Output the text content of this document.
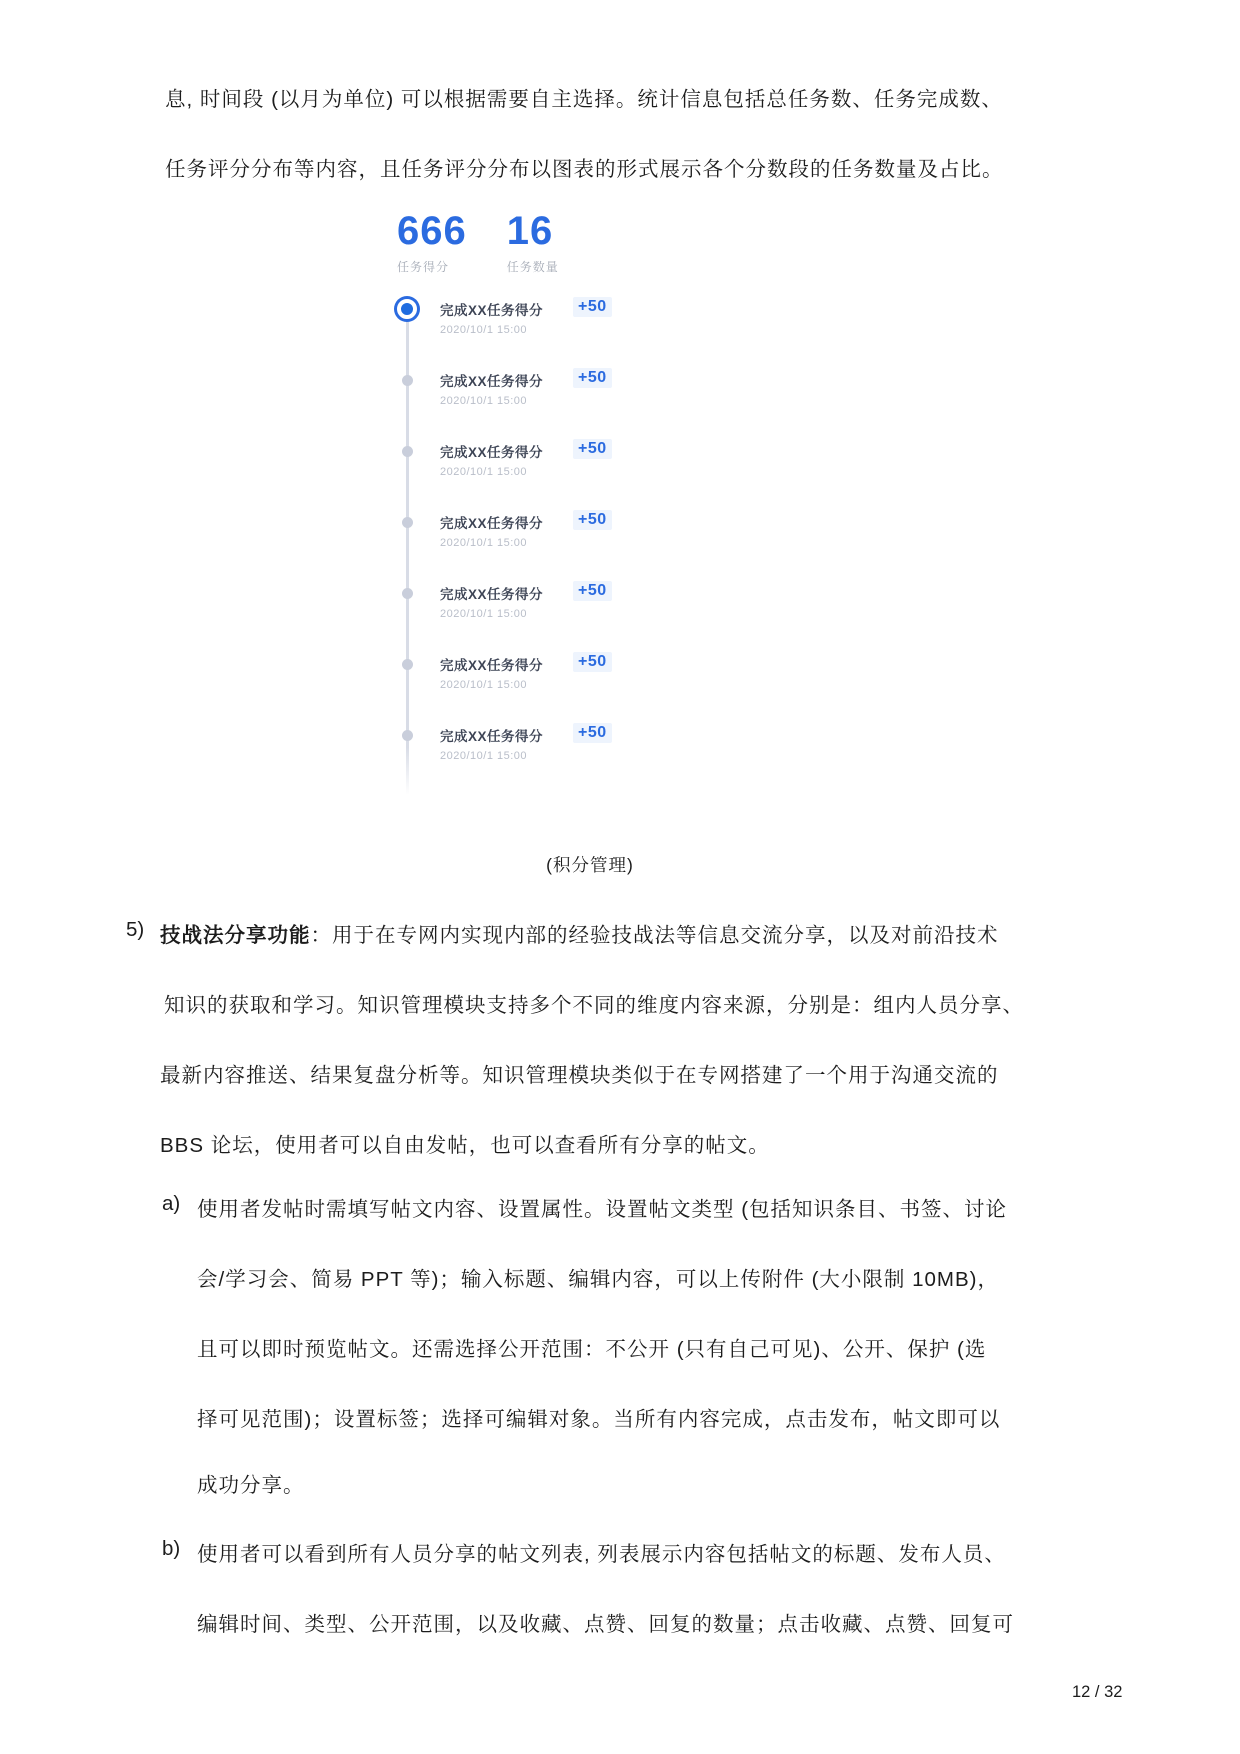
息, 时间段 (以月为单位) 可以根据需要自主选择。统计信息包括总任务数、任务完成数、
任务评分分布等内容，且任务评分分布以图表的形式展示各个分数段的任务数量及占比。
666
任务得分
16
任务数量
完成XX任务得分
2020/10/1 15:00
+50
完成XX任务得分
2020/10/1 15:00
+50
完成XX任务得分
2020/10/1 15:00
+50
完成XX任务得分
2020/10/1 15:00
+50
完成XX任务得分
2020/10/1 15:00
+50
完成XX任务得分
2020/10/1 15:00
+50
完成XX任务得分
2020/10/1 15:00
+50
(积分管理)
5) 技战法分享功能：用于在专网内实现内部的经验技战法等信息交流分享，以及对前沿技术
知识的获取和学习。知识管理模块支持多个不同的维度内容来源，分别是：组内人员分享、
最新内容推送、结果复盘分析等。知识管理模块类似于在专网搭建了一个用于沟通交流的
BBS 论坛，使用者可以自由发帖，也可以查看所有分享的帖文。
a) 使用者发帖时需填写帖文内容、设置属性。设置帖文类型 (包括知识条目、书签、讨论
会/学习会、简易 PPT 等)；输入标题、编辑内容，可以上传附件 (大小限制 10MB)，
且可以即时预览帖文。还需选择公开范围：不公开 (只有自己可见)、公开、保护 (选
择可见范围)；设置标签；选择可编辑对象。当所有内容完成，点击发布，帖文即可以
成功分享。
b) 使用者可以看到所有人员分享的帖文列表, 列表展示内容包括帖文的标题、发布人员、
编辑时间、类型、公开范围，以及收藏、点赞、回复的数量；点击收藏、点赞、回复可
12 / 32
